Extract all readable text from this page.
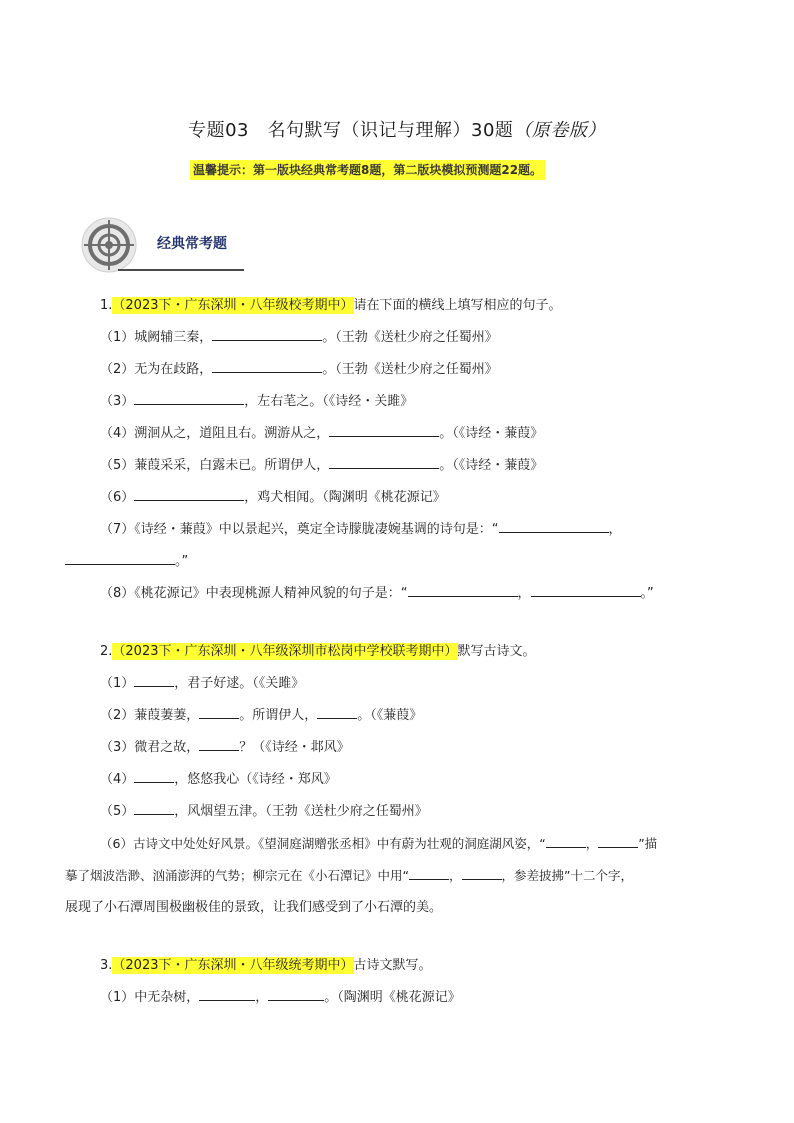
专题03　名句默写（识记与理解）30题（原卷版）
温馨提示：第一版块经典常考题8题，第二版块模拟预测题22题。
经典常考题
1.（2023下・广东深圳・八年级校考期中）请在下面的横线上填写相应的句子。
（1）城阙辅三秦，	。（王勃《送杜少府之任蜀州》
（2）无为在歧路，	。（王勃《送杜少府之任蜀州》
（3）	，左右芼之。（《诗经・关雎》
（4）溯洄从之，道阻且右。溯游从之，	。（《诗经・蒹葭》
（5）蒹葭采采，白露未已。所谓伊人，	。（《诗经・蒹葭》
（6）	，鸡犬相闻。（陶渊明《桃花源记》
（7）《诗经・蒹葭》中以景起兴，奠定全诗朦胧凄婉基调的诗句是：“	，
。”
（8）《桃花源记》中表现桃源人精神风貌的句子是：“	，	。”
2.（2023下・广东深圳・八年级深圳市松岗中学校联考期中）默写古诗文。
（1）	，君子好逑。（《关雎》
（2）蒹葭萋萋，	。所谓伊人，	。（《蒹葭》
（3）微君之故，	？（《诗经・邶风》
（4）	，悠悠我心（《诗经・郑风》
（5）	，风烟望五津。（王勃《送杜少府之任蜀州》
（6）古诗文中处处好风景。《望洞庭湖赠张丞相》中有蔚为壮观的洞庭湖风姿，“	，	”描
摹了烟波浩渺、汹涌澎湃的气势；柳宗元在《小石潭记》中用“	，	，参差披拂”十二个字，
展现了小石潭周围极幽极佳的景致，让我们感受到了小石潭的美。
3.（2023下・广东深圳・八年级统考期中）古诗文默写。
（1）中无杂树，	，	。（陶渊明《桃花源记》
